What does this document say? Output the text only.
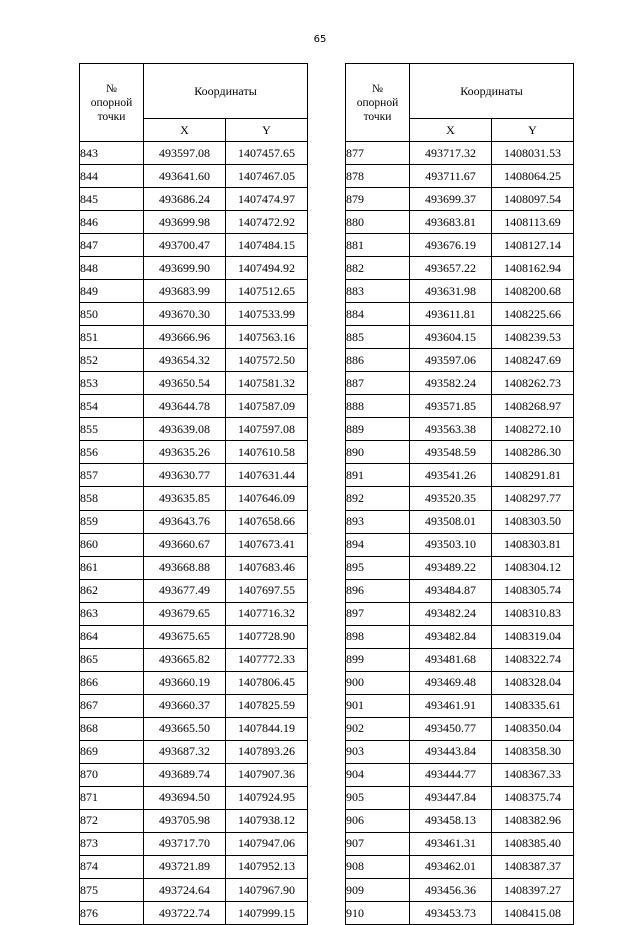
65
№
опорной
точки	Координаты	
	X	Y
843	493597.08	1407457.65
844	493641.60	1407467.05
845	493686.24	1407474.97
846	493699.98	1407472.92
847	493700.47	1407484.15
848	493699.90	1407494.92
849	493683.99	1407512.65
850	493670.30	1407533.99
851	493666.96	1407563.16
852	493654.32	1407572.50
853	493650.54	1407581.32
854	493644.78	1407587.09
855	493639.08	1407597.08
856	493635.26	1407610.58
857	493630.77	1407631.44
858	493635.85	1407646.09
859	493643.76	1407658.66
860	493660.67	1407673.41
861	493668.88	1407683.46
862	493677.49	1407697.55
863	493679.65	1407716.32
864	493675.65	1407728.90
865	493665.82	1407772.33
866	493660.19	1407806.45
867	493660.37	1407825.59
868	493665.50	1407844.19
869	493687.32	1407893.26
870	493689.74	1407907.36
871	493694.50	1407924.95
872	493705.98	1407938.12
873	493717.70	1407947.06
874	493721.89	1407952.13
875	493724.64	1407967.90
876	493722.74	1407999.15
№
опорной
точки	Координаты	
	X	Y
877	493717.32	1408031.53
878	493711.67	1408064.25
879	493699.37	1408097.54
880	493683.81	1408113.69
881	493676.19	1408127.14
882	493657.22	1408162.94
883	493631.98	1408200.68
884	493611.81	1408225.66
885	493604.15	1408239.53
886	493597.06	1408247.69
887	493582.24	1408262.73
888	493571.85	1408268.97
889	493563.38	1408272.10
890	493548.59	1408286.30
891	493541.26	1408291.81
892	493520.35	1408297.77
893	493508.01	1408303.50
894	493503.10	1408303.81
895	493489.22	1408304.12
896	493484.87	1408305.74
897	493482.24	1408310.83
898	493482.84	1408319.04
899	493481.68	1408322.74
900	493469.48	1408328.04
901	493461.91	1408335.61
902	493450.77	1408350.04
903	493443.84	1408358.30
904	493444.77	1408367.33
905	493447.84	1408375.74
906	493458.13	1408382.96
907	493461.31	1408385.40
908	493462.01	1408387.37
909	493456.36	1408397.27
910	493453.73	1408415.08
